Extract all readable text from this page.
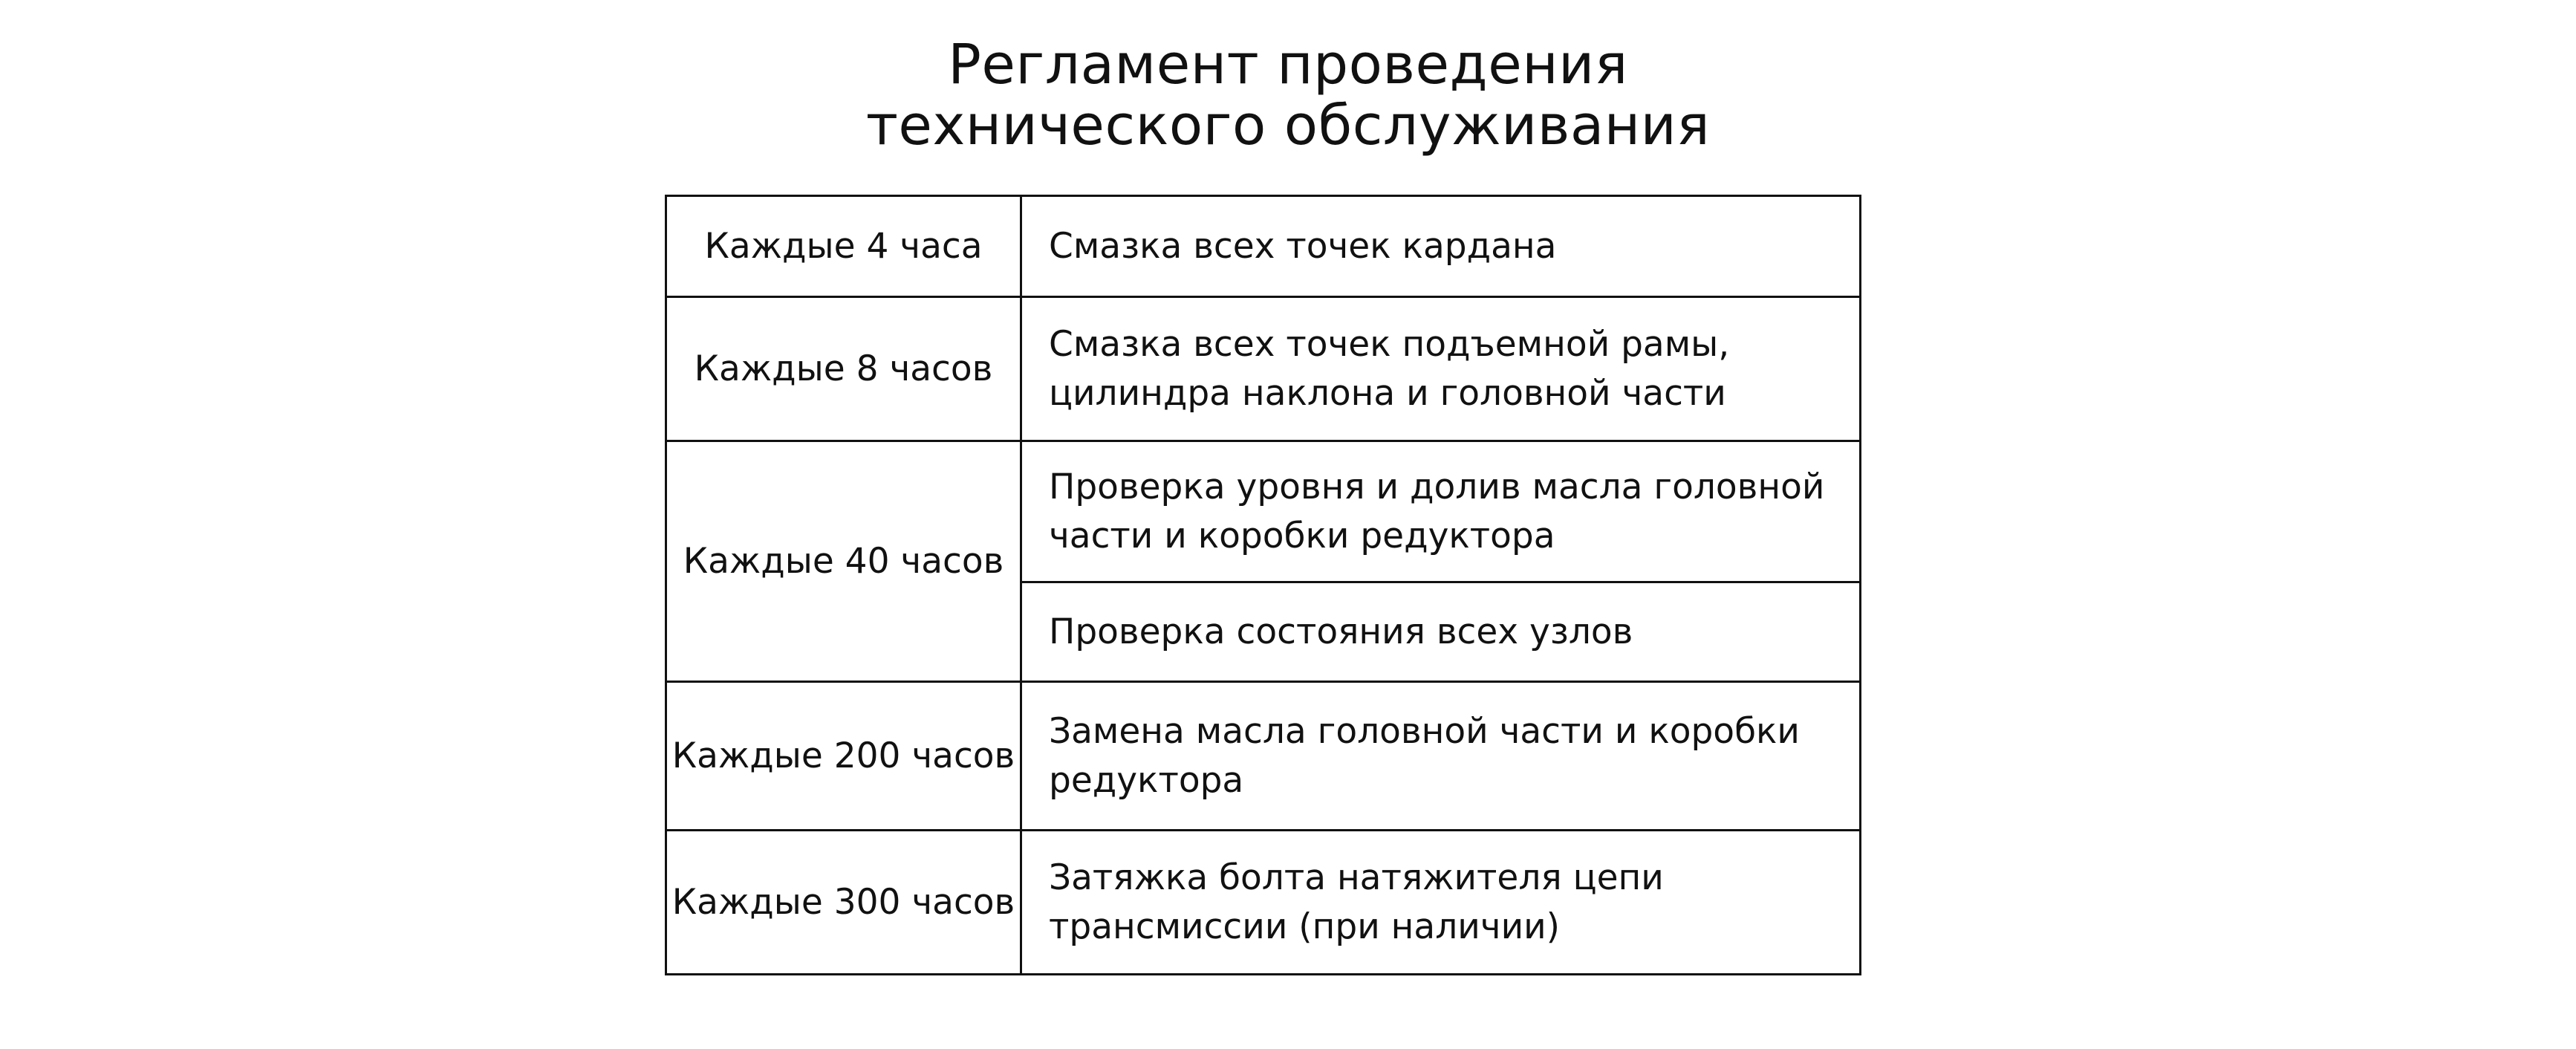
Регламент проведения
технического обслуживания
Каждые 4 часа	Смазка всех точек кардана
Каждые 8 часов	Смазка всех точек подъемной рамы, цилиндра наклона и головной части
Каждые 40 часов	Проверка уровня и долив масла головной части и коробки редуктора
	Проверка состояния всех узлов
Каждые 200 часов	Замена масла головной части и коробки редуктора
Каждые 300 часов	Затяжка болта натяжителя цепи трансмиссии (при наличии)
